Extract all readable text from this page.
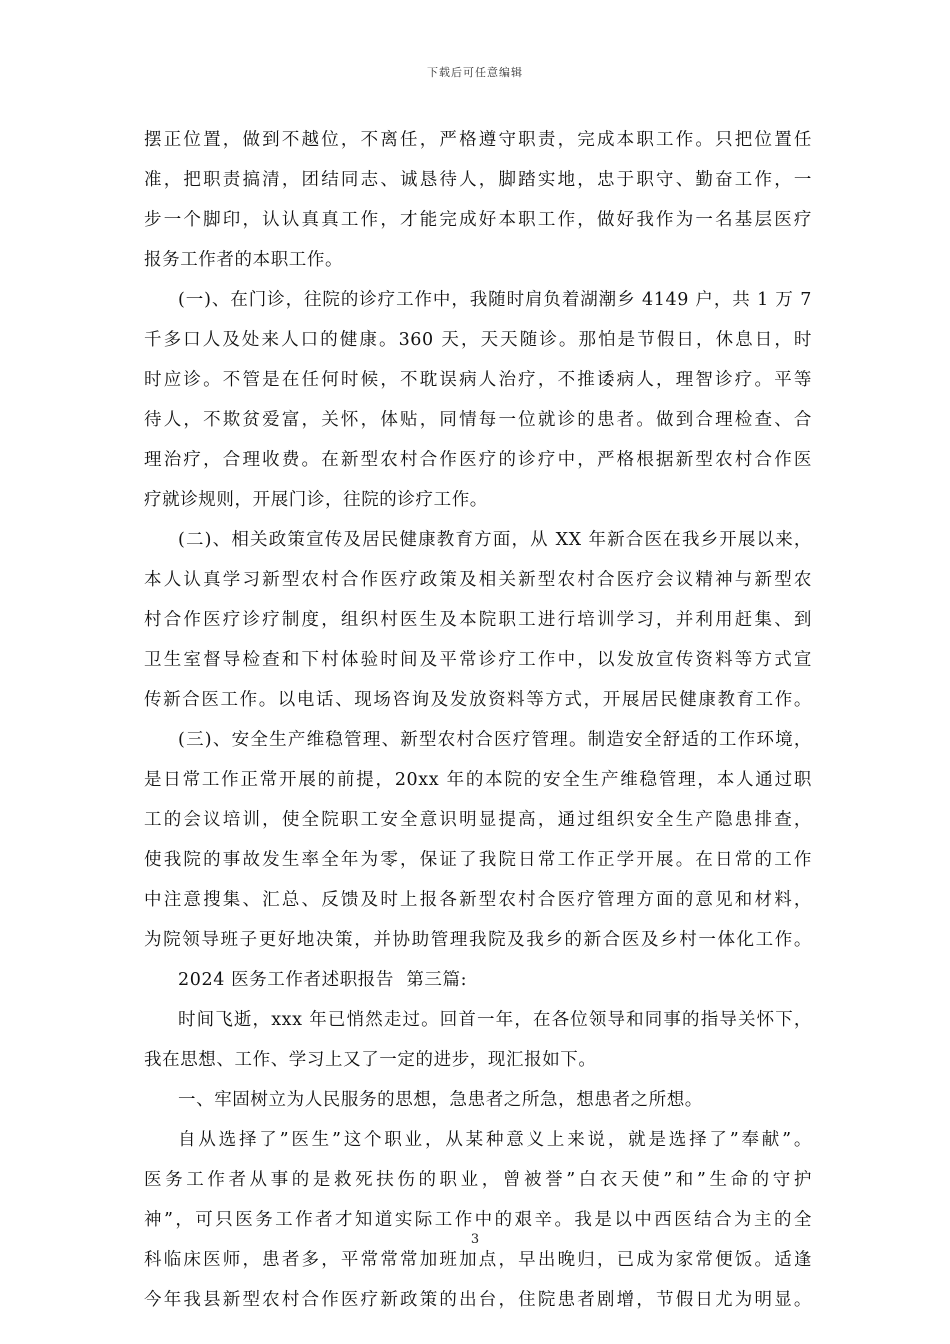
下载后可任意编辑
摆正位置，做到不越位，不离任，严格遵守职责，完成本职工作。只把位置任
准，把职责搞清，团结同志、诚恳待人，脚踏实地，忠于职守、勤奋工作，一
步一个脚印，认认真真工作，才能完成好本职工作，做好我作为一名基层医疗
报务工作者的本职工作。
(一)、在门诊，往院的诊疗工作中，我随时肩负着湖潮乡 4149 户，共 1 万 7
千多口人及处来人口的健康。360 天，天天随诊。那怕是节假日，休息日，时
时应诊。不管是在任何时候，不耽误病人治疗，不推诿病人，理智诊疗。平等
待人，不欺贫爱富，关怀，体贴，同情每一位就诊的患者。做到合理检查、合
理治疗，合理收费。在新型农村合作医疗的诊疗中，严格根据新型农村合作医
疗就诊规则，开展门诊，往院的诊疗工作。
(二)、相关政策宣传及居民健康教育方面，从 XX 年新合医在我乡开展以来，
本人认真学习新型农村合作医疗政策及相关新型农村合医疗会议精神与新型农
村合作医疗诊疗制度，组织村医生及本院职工进行培训学习，并利用赶集、到
卫生室督导检查和下村体验时间及平常诊疗工作中，以发放宣传资料等方式宣
传新合医工作。以电话、现场咨询及发放资料等方式，开展居民健康教育工作。
(三)、安全生产维稳管理、新型农村合医疗管理。制造安全舒适的工作环境，
是日常工作正常开展的前提，20xx 年的本院的安全生产维稳管理，本人通过职
工的会议培训，使全院职工安全意识明显提高，通过组织安全生产隐患排查，
使我院的事故发生率全年为零，保证了我院日常工作正学开展。在日常的工作
中注意搜集、汇总、反馈及时上报各新型农村合医疗管理方面的意见和材料，
为院领导班子更好地决策，并协助管理我院及我乡的新合医及乡村一体化工作。
2024 医务工作者述职报告  第三篇:
时间飞逝，xxx 年已悄然走过。回首一年，在各位领导和同事的指导关怀下，
我在思想、工作、学习上又了一定的进步，现汇报如下。
一、牢固树立为人民服务的思想，急患者之所急，想患者之所想。
自从选择了”医生”这个职业，从某种意义上来说，就是选择了”奉献”。
医务工作者从事的是救死扶伤的职业，曾被誉”白衣天使”和”生命的守护
神”，可只医务工作者才知道实际工作中的艰辛。我是以中西医结合为主的全
科临床医师，患者多，平常常常加班加点，早出晚归，已成为家常便饭。适逢
今年我县新型农村合作医疗新政策的出台，住院患者剧增，节假日尤为明显。
3
